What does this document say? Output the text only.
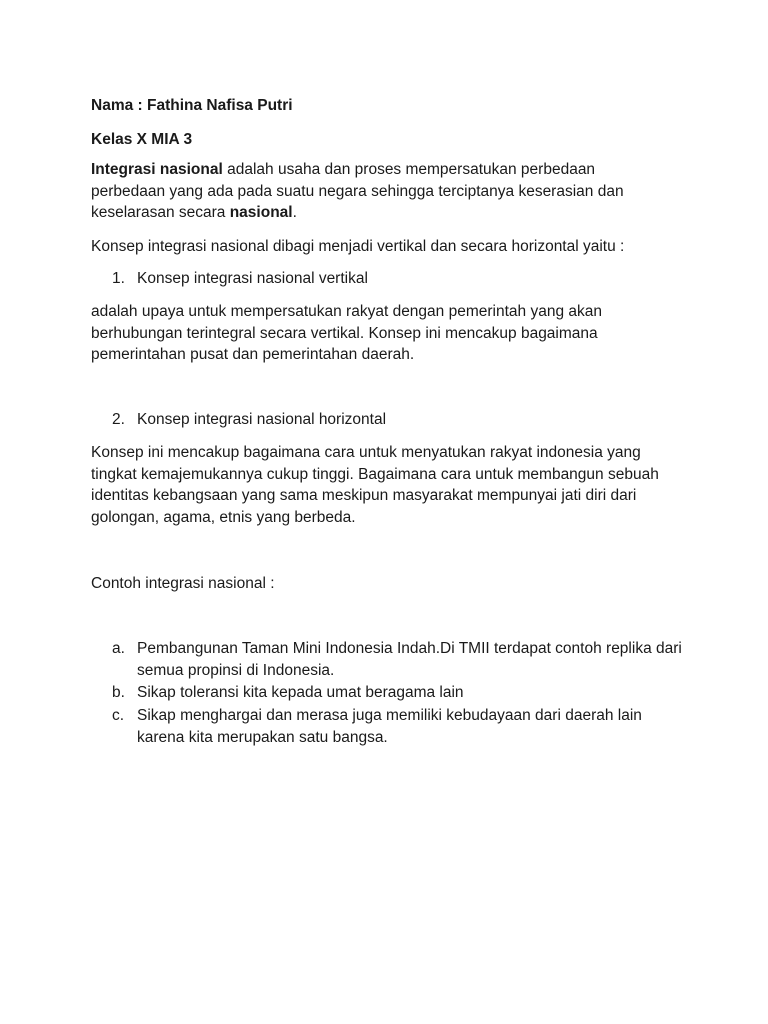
Nama : Fathina Nafisa Putri

Kelas X MIA 3

Integrasi nasional adalah usaha dan proses mempersatukan perbedaan perbedaan yang ada pada suatu negara sehingga terciptanya keserasian dan keselarasan secara nasional.

Konsep integrasi nasional dibagi menjadi vertikal dan secara horizontal yaitu :

1. Konsep integrasi nasional vertikal

adalah upaya untuk mempersatukan rakyat dengan pemerintah yang akan berhubungan terintegral secara vertikal. Konsep ini mencakup bagaimana pemerintahan pusat dan pemerintahan daerah.

2. Konsep integrasi nasional horizontal

Konsep ini mencakup bagaimana cara untuk menyatukan rakyat indonesia yang tingkat kemajemukannya cukup tinggi. Bagaimana cara untuk membangun sebuah identitas kebangsaan yang sama meskipun masyarakat mempunyai jati diri dari golongan, agama, etnis yang berbeda.

Contoh integrasi nasional :

a. Pembangunan Taman Mini Indonesia Indah.Di TMII terdapat contoh replika dari semua propinsi di Indonesia.
b. Sikap toleransi kita kepada umat beragama lain
c. Sikap menghargai dan merasa juga memiliki kebudayaan dari daerah lain karena kita merupakan satu bangsa.
